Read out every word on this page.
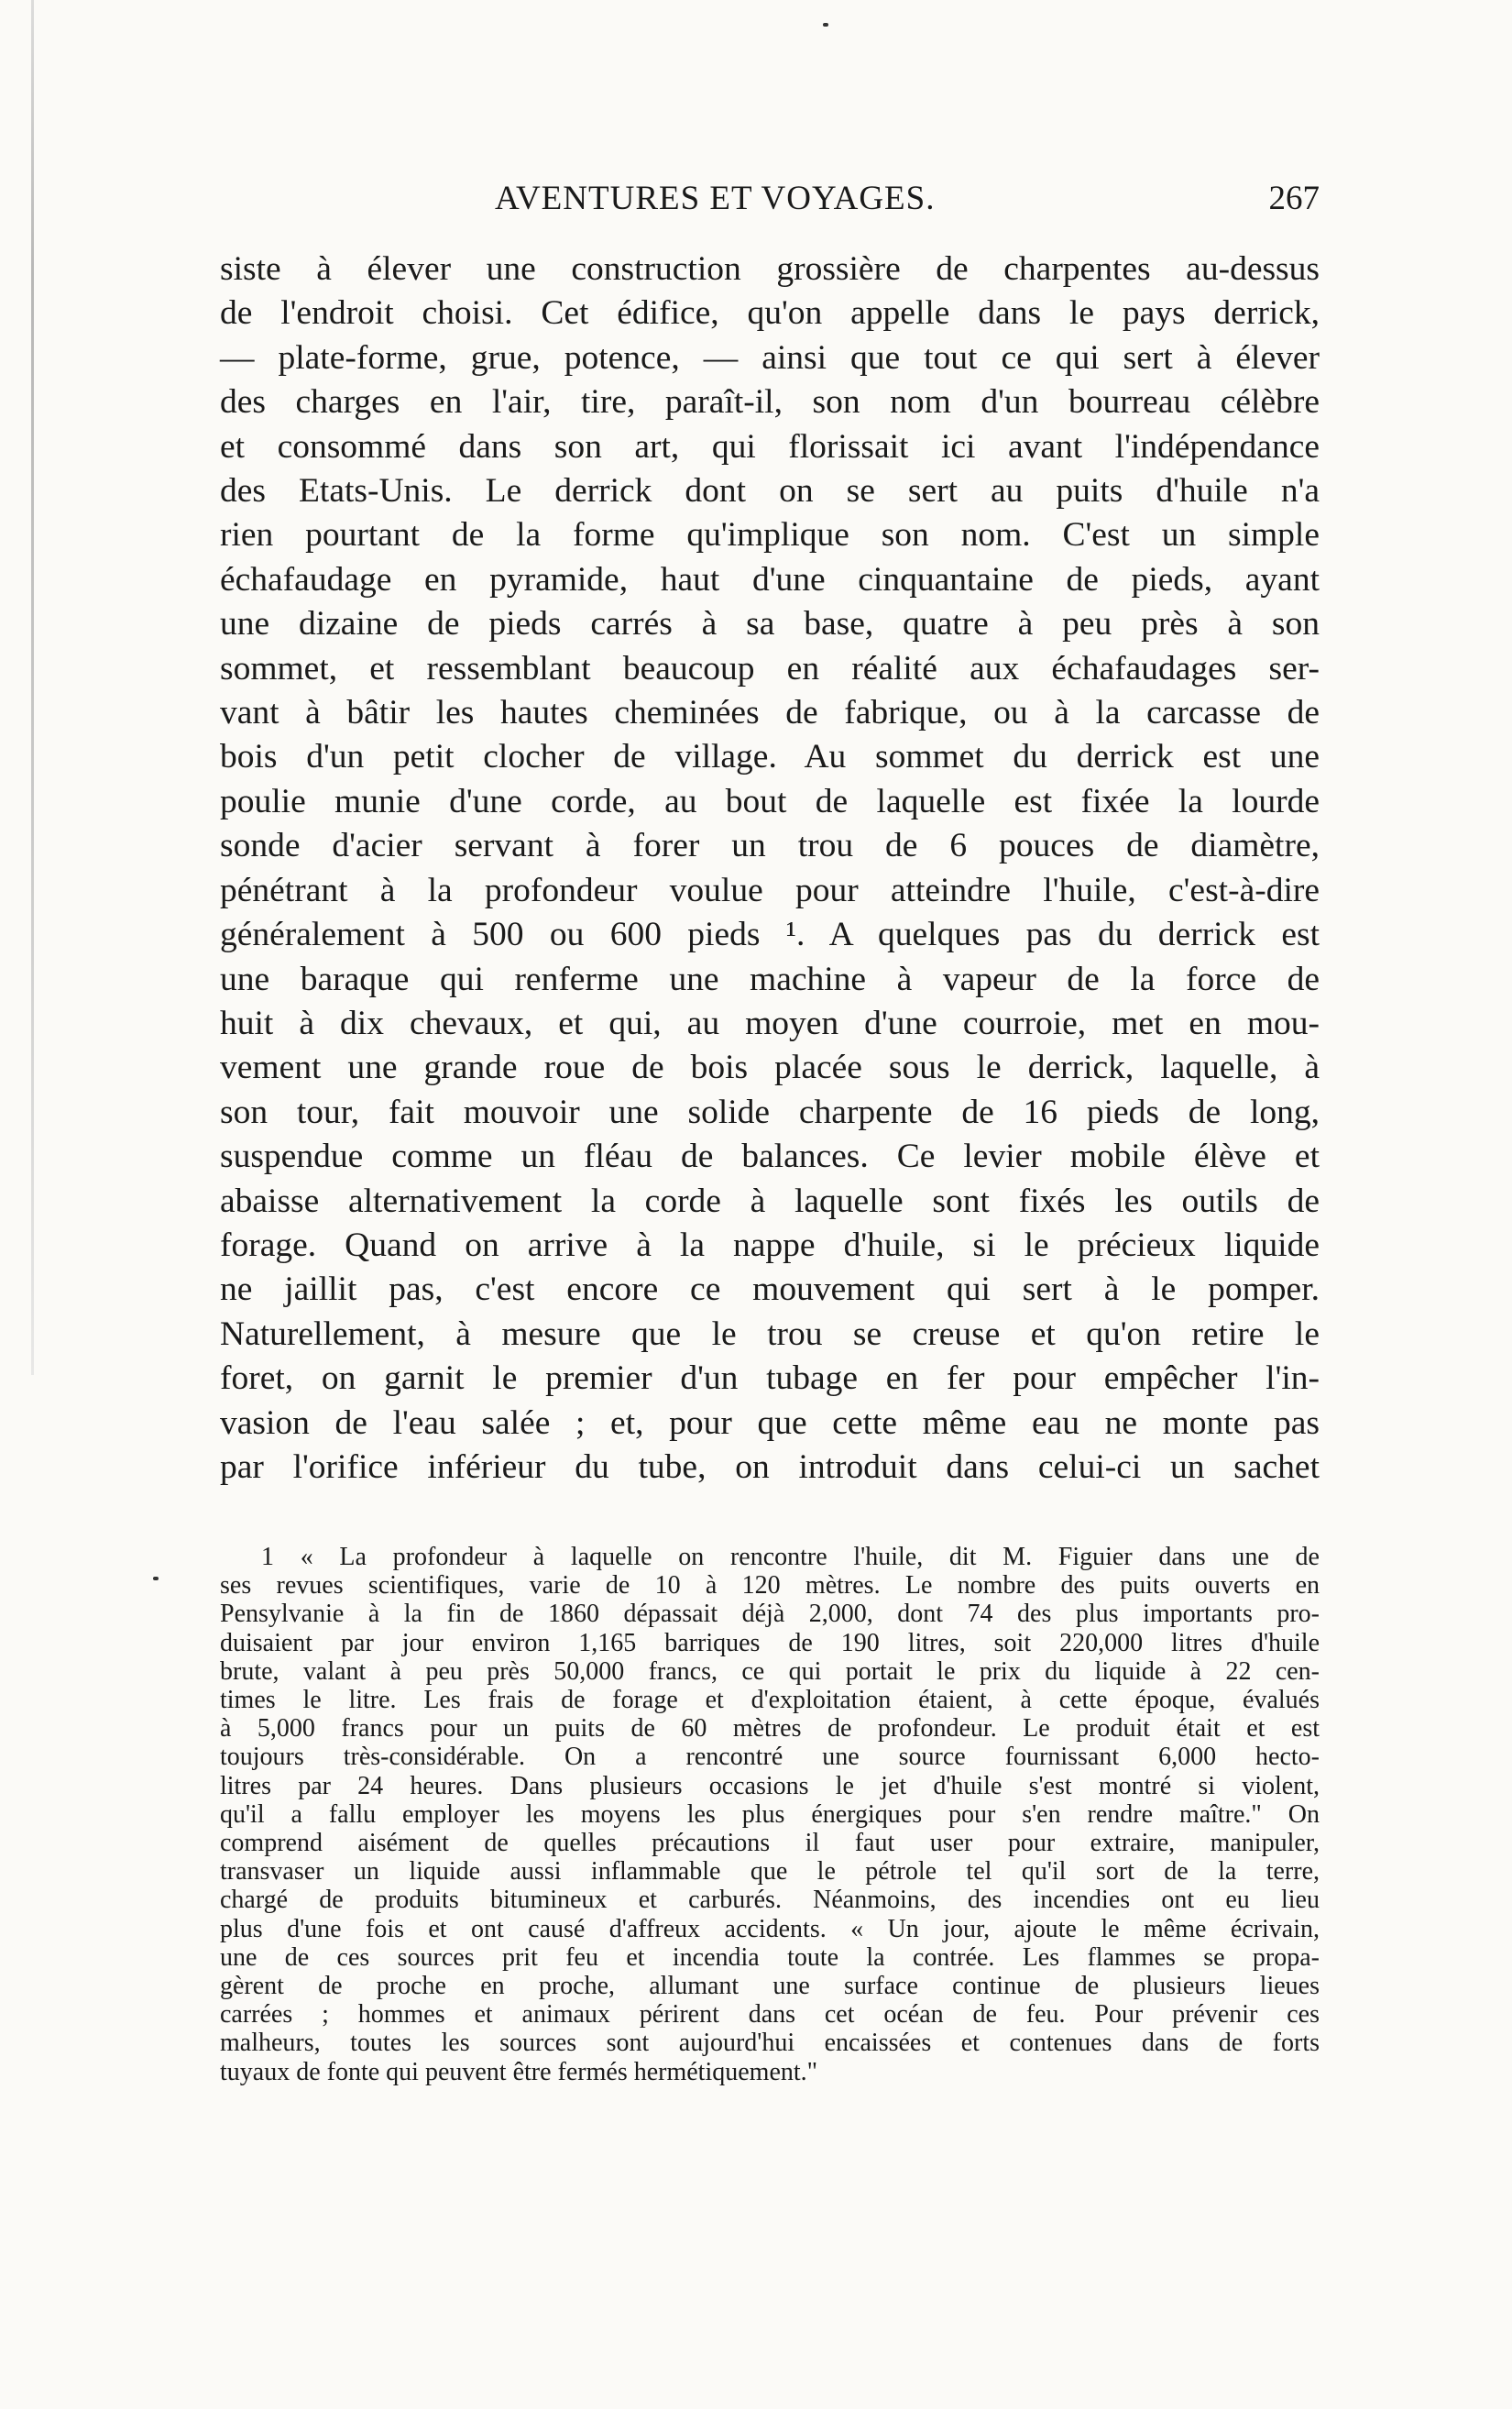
AVENTURES ET VOYAGES.	267
siste à élever une construction grossière de charpentes au-dessus
de l'endroit choisi. Cet édifice, qu'on appelle dans le pays derrick,
— plate-forme, grue, potence, — ainsi que tout ce qui sert à élever
des charges en l'air, tire, paraît-il, son nom d'un bourreau célèbre
et consommé dans son art, qui florissait ici avant l'indépendance
des Etats-Unis. Le derrick dont on se sert au puits d'huile n'a
rien pourtant de la forme qu'implique son nom. C'est un simple
échafaudage en pyramide, haut d'une cinquantaine de pieds, ayant
une dizaine de pieds carrés à sa base, quatre à peu près à son
sommet, et ressemblant beaucoup en réalité aux échafaudages ser-
vant à bâtir les hautes cheminées de fabrique, ou à la carcasse de
bois d'un petit clocher de village. Au sommet du derrick est une
poulie munie d'une corde, au bout de laquelle est fixée la lourde
sonde d'acier servant à forer un trou de 6 pouces de diamètre,
pénétrant à la profondeur voulue pour atteindre l'huile, c'est-à-dire
généralement à 500 ou 600 pieds ¹. A quelques pas du derrick est
une baraque qui renferme une machine à vapeur de la force de
huit à dix chevaux, et qui, au moyen d'une courroie, met en mou-
vement une grande roue de bois placée sous le derrick, laquelle, à
son tour, fait mouvoir une solide charpente de 16 pieds de long,
suspendue comme un fléau de balances. Ce levier mobile élève et
abaisse alternativement la corde à laquelle sont fixés les outils de
forage. Quand on arrive à la nappe d'huile, si le précieux liquide
ne jaillit pas, c'est encore ce mouvement qui sert à le pomper.
Naturellement, à mesure que le trou se creuse et qu'on retire le
foret, on garnit le premier d'un tubage en fer pour empêcher l'in-
vasion de l'eau salée ; et, pour que cette même eau ne monte pas
par l'orifice inférieur du tube, on introduit dans celui-ci un sachet
1 « La profondeur à laquelle on rencontre l'huile, dit M. Figuier dans une de
ses revues scientifiques, varie de 10 à 120 mètres. Le nombre des puits ouverts en
Pensylvanie à la fin de 1860 dépassait déjà 2,000, dont 74 des plus importants pro-
duisaient par jour environ 1,165 barriques de 190 litres, soit 220,000 litres d'huile
brute, valant à peu près 50,000 francs, ce qui portait le prix du liquide à 22 cen-
times le litre. Les frais de forage et d'exploitation étaient, à cette époque, évalués
à 5,000 francs pour un puits de 60 mètres de profondeur. Le produit était et est
toujours très-considérable. On a rencontré une source fournissant 6,000 hecto-
litres par 24 heures. Dans plusieurs occasions le jet d'huile s'est montré si violent,
qu'il a fallu employer les moyens les plus énergiques pour s'en rendre maître." On
comprend aisément de quelles précautions il faut user pour extraire, manipuler,
transvaser un liquide aussi inflammable que le pétrole tel qu'il sort de la terre,
chargé de produits bitumineux et carburés. Néanmoins, des incendies ont eu lieu
plus d'une fois et ont causé d'affreux accidents. « Un jour, ajoute le même écrivain,
une de ces sources prit feu et incendia toute la contrée. Les flammes se propa-
gèrent de proche en proche, allumant une surface continue de plusieurs lieues
carrées ; hommes et animaux périrent dans cet océan de feu. Pour prévenir ces
malheurs, toutes les sources sont aujourd'hui encaissées et contenues dans de forts
tuyaux de fonte qui peuvent être fermés hermétiquement."
